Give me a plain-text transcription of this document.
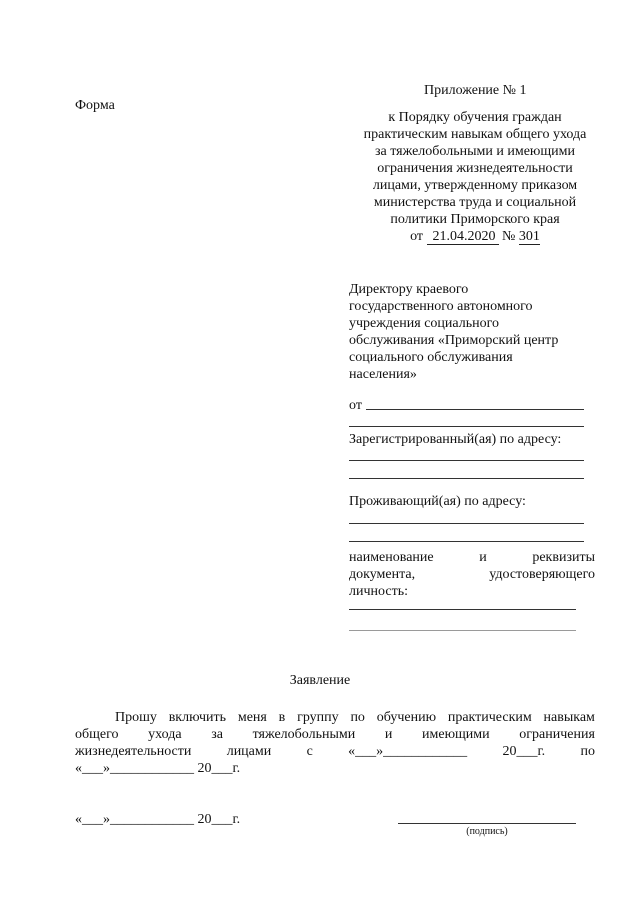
Форма
Приложение № 1
к Порядку обучения граждан
практическим навыкам общего ухода
за тяжелобольными и имеющими
ограничения жизнедеятельности
лицами, утвержденному приказом
министерства труда и социальной
политики Приморского края
от 21.04.2020 № 301
Директору краевого
государственного автономного
учреждения социального
обслуживания «Приморский центр
социального обслуживания
населения»
от
Зарегистрированный(ая) по адресу:
Проживающий(ая) по адресу:
наименование	и	реквизиты
документа,	удостоверяющего
личность:
Заявление
Прошу включить меня в группу по обучению практическим навыкам
общего ухода за тяжелобольными и имеющими ограничения
жизнедеятельности	лицами	с	«___»____________	20___г.	по
«___»____________ 20___г.
«___»____________ 20___г.
(подпись)
